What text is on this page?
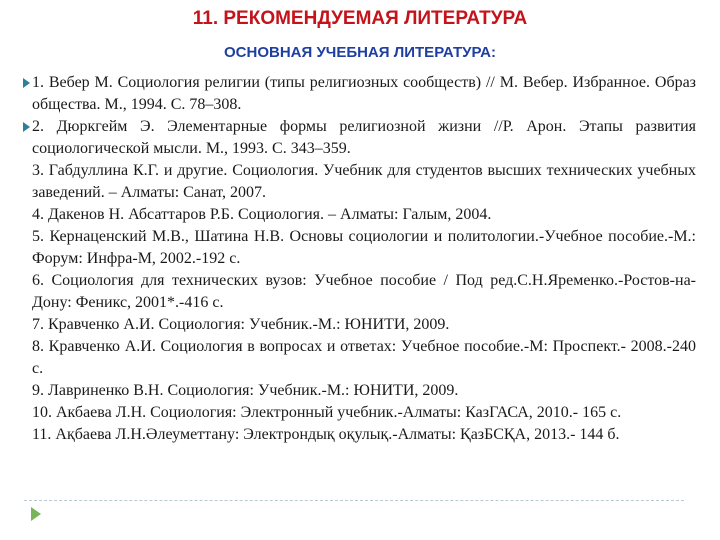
11. РЕКОМЕНДУЕМАЯ ЛИТЕРАТУРА
ОСНОВНАЯ УЧЕБНАЯ ЛИТЕРАТУРА:

1. Вебер М. Социология религии (типы религиозных сообществ) // М. Вебер. Избранное. Образ общества. М., 1994. С. 78–308.

2. Дюркгейм Э. Элементарные формы религиозной жизни //Р. Арон. Этапы развития социологической мысли. М., 1993. С. 343–359.

3. Габдуллина К.Г. и другие. Социология. Учебник для студентов высших технических учебных заведений. – Алматы: Санат, 2007.

4. Дакенов Н. Абсаттаров Р.Б. Социология. – Алматы: Галым, 2004.

5. Кернаценский М.В., Шатина Н.В. Основы социологии и политологии.-Учебное пособие.-М.: Форум: Инфра-М, 2002.-192 с.

6. Социология для технических вузов: Учебное пособие / Под ред.С.Н.Яременко.-Ростов-на-Дону: Феникс, 2001*.-416 с.

7. Кравченко А.И. Социология: Учебник.-М.: ЮНИТИ, 2009.

8. Кравченко А.И. Социология в вопросах и ответах: Учебное пособие.-М: Проспект.- 2008.-240 с.

9. Лавриненко В.Н. Социология: Учебник.-М.: ЮНИТИ, 2009.

10. Акбаева Л.Н. Социология: Электронный учебник.-Алматы: КазГАСА, 2010.- 165 с.

11. Ақбаева Л.Н.Әлеуметтану: Электрондық оқулық.-Алматы: ҚазБСҚА, 2013.- 144 б.
